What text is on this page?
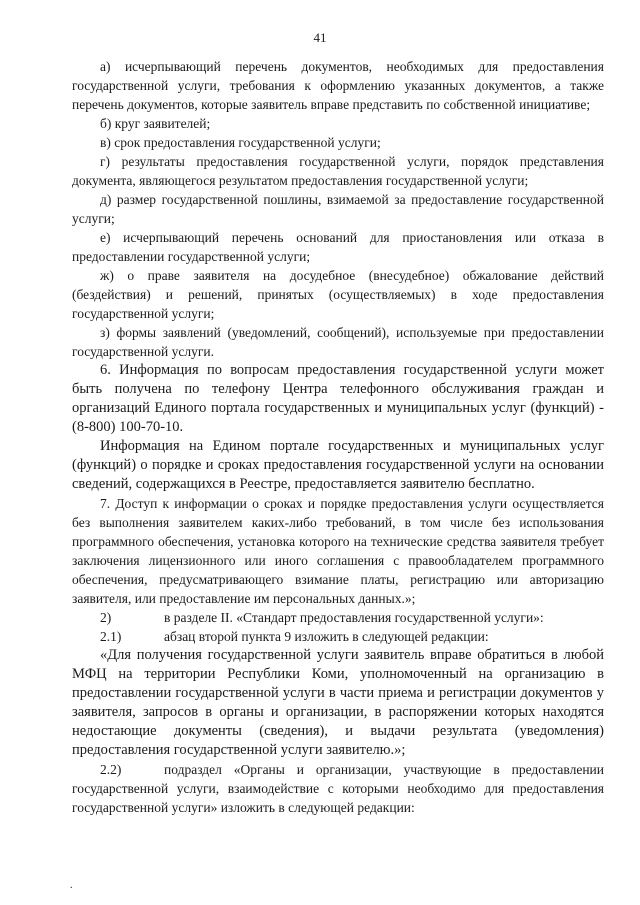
41

а) исчерпывающий перечень документов, необходимых для предоставления государственной услуги, требования к оформлению указанных документов, а также перечень документов, которые заявитель вправе представить по собственной инициативе;

б) круг заявителей;

в) срок предоставления государственной услуги;

г) результаты предоставления государственной услуги, порядок представления документа, являющегося результатом предоставления государственной услуги;

д) размер государственной пошлины, взимаемой за предоставление государственной услуги;

е) исчерпывающий перечень оснований для приостановления или отказа в предоставлении государственной услуги;

ж) о праве заявителя на досудебное (внесудебное) обжалование действий (бездействия) и решений, принятых (осуществляемых) в ходе предоставления государственной услуги;

з) формы заявлений (уведомлений, сообщений), используемые при предоставлении государственной услуги.

6. Информация по вопросам предоставления государственной услуги может быть получена по телефону Центра телефонного обслуживания граждан и организаций Единого портала государственных и муниципальных услуг (функций) - (8-800) 100-70-10.

Информация на Едином портале государственных и муниципальных услуг (функций) о порядке и сроках предоставления государственной услуги на основании сведений, содержащихся в Реестре, предоставляется заявителю бесплатно.

7. Доступ к информации о сроках и порядке предоставления услуги осуществляется без выполнения заявителем каких-либо требований, в том числе без использования программного обеспечения, установка которого на технические средства заявителя требует заключения лицензионного или иного соглашения с правообладателем программного обеспечения, предусматривающего взимание платы, регистрацию или авторизацию заявителя, или предоставление им персональных данных.»;

2)	в разделе II. «Стандарт предоставления государственной услуги»:

2.1)	абзац второй пункта 9 изложить в следующей редакции:

«Для получения государственной услуги заявитель вправе обратиться в любой МФЦ на территории Республики Коми, уполномоченный на организацию в предоставлении государственной услуги в части приема и регистрации документов у заявителя, запросов в органы и организации, в распоряжении которых находятся недостающие документы (сведения), и выдачи результата (уведомления) предоставления государственной услуги заявителю.»;

2.2)	подраздел «Органы и организации, участвующие в предоставлении государственной услуги, взаимодействие с которыми необходимо для предоставления государственной услуги» изложить в следующей редакции:

.
